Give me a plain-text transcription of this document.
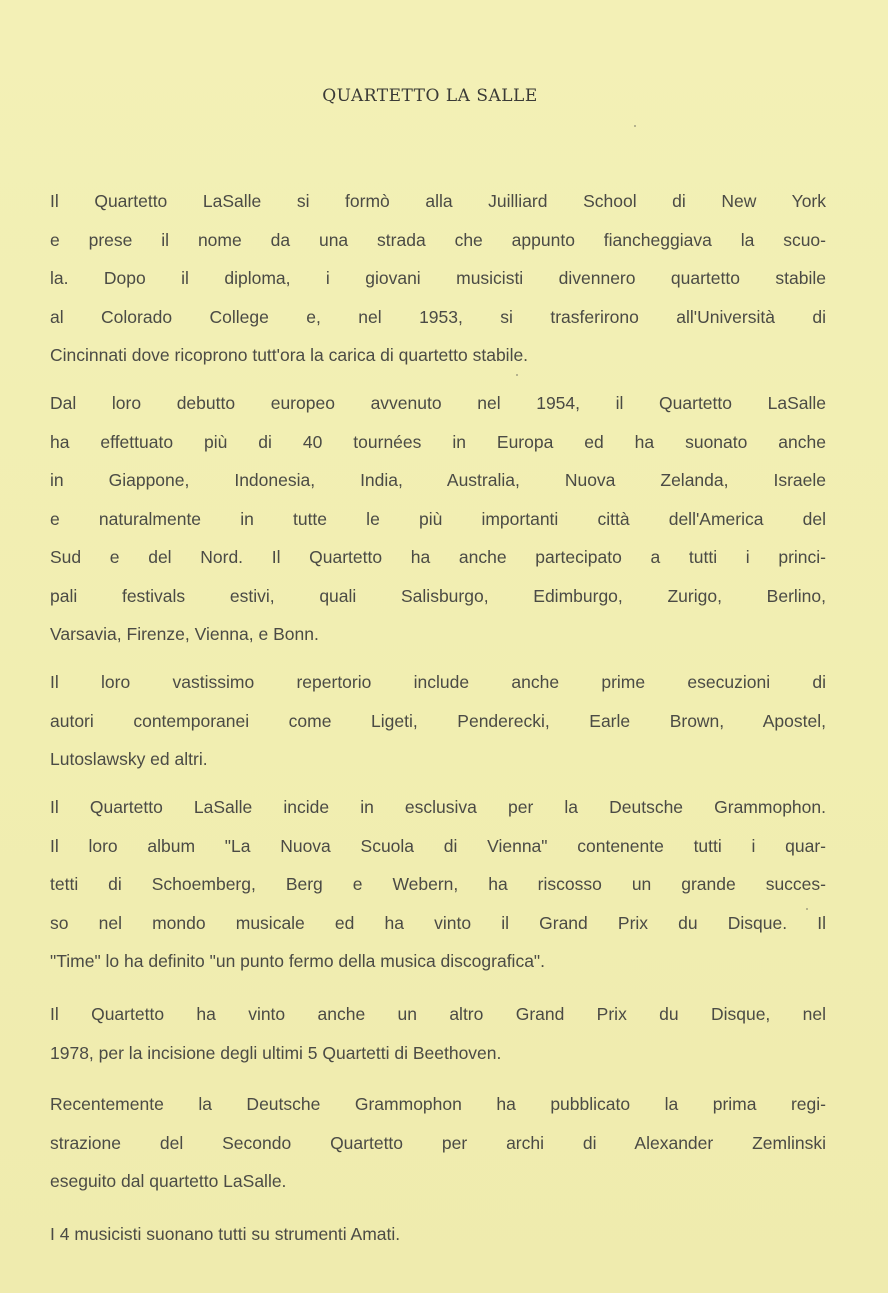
QUARTETTO LA SALLE
Il Quartetto LaSalle si formò alla Juilliard School di New York
e prese il nome da una strada che appunto fiancheggiava la scuo-
la. Dopo il diploma, i giovani musicisti divennero quartetto stabile
al Colorado College e, nel 1953, si trasferirono all'Università di
Cincinnati dove ricoprono tutt'ora la carica di quartetto stabile.
Dal loro debutto europeo avvenuto nel 1954, il Quartetto LaSalle
ha effettuato più di 40 tournées in Europa ed ha suonato anche
in Giappone, Indonesia, India, Australia, Nuova Zelanda, Israele
e naturalmente in tutte le più importanti città dell'America del
Sud e del Nord. Il Quartetto ha anche partecipato a tutti i princi-
pali festivals estivi, quali Salisburgo, Edimburgo, Zurigo, Berlino,
Varsavia, Firenze, Vienna, e Bonn.
Il loro vastissimo repertorio include anche prime esecuzioni di
autori contemporanei come Ligeti, Penderecki, Earle Brown, Apostel,
Lutoslawsky ed altri.
Il Quartetto LaSalle incide in esclusiva per la Deutsche Grammophon.
Il loro album "La Nuova Scuola di Vienna" contenente tutti i quar-
tetti di Schoemberg, Berg e Webern, ha riscosso un grande succes-
so nel mondo musicale ed ha vinto il Grand Prix du Disque. Il
"Time" lo ha definito "un punto fermo della musica discografica".
Il Quartetto ha vinto anche un altro Grand Prix du Disque, nel
1978, per la incisione degli ultimi 5 Quartetti di Beethoven.
Recentemente la Deutsche Grammophon ha pubblicato la prima regi-
strazione del Secondo Quartetto per archi di Alexander Zemlinski
eseguito dal quartetto LaSalle.
I 4 musicisti suonano tutti su strumenti Amati.
